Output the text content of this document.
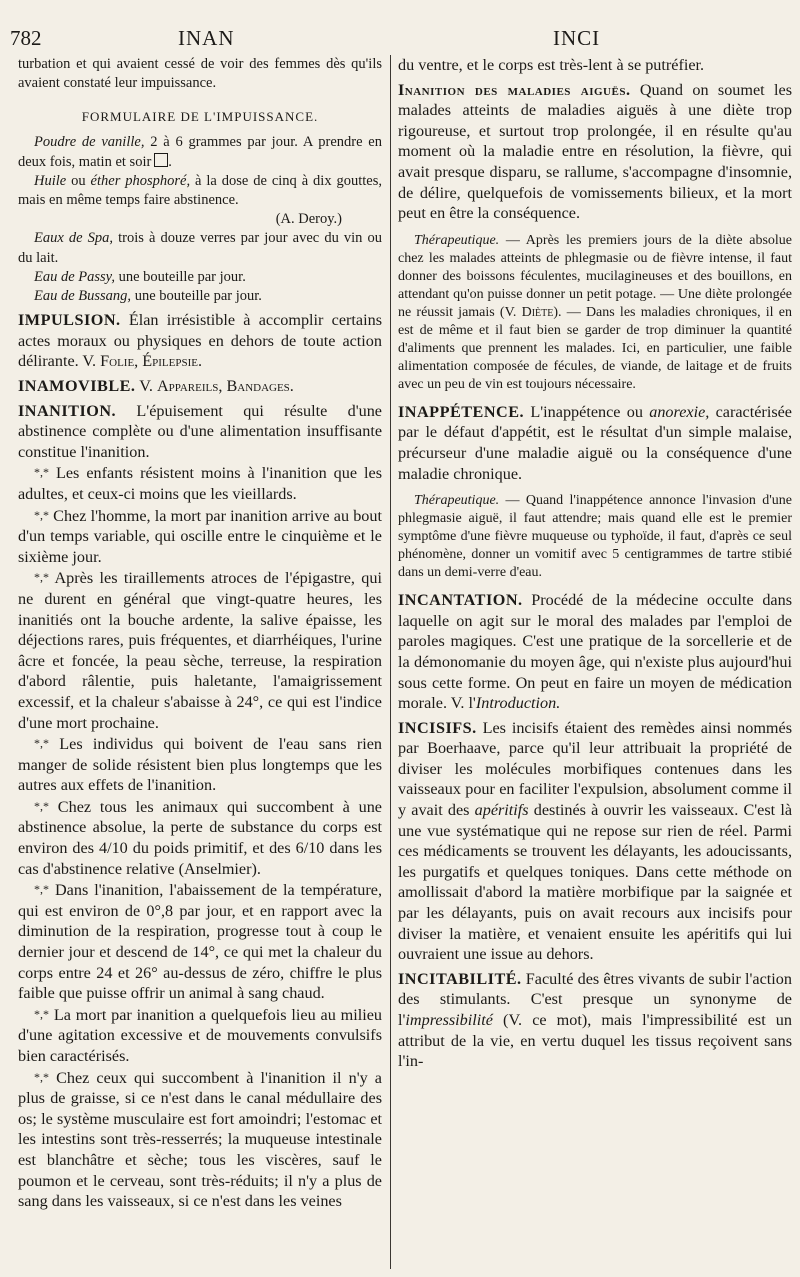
782	INAN	INCI

turbation et qui avaient cessé de voir des femmes dès qu'ils avaient constaté leur impuissance.

FORMULAIRE DE L'IMPUISSANCE.

Poudre de vanille, 2 à 6 grammes par jour. A prendre en deux fois, matin et soir .

Huile ou éther phosphoré, à la dose de cinq à dix gouttes, mais en même temps faire abstinence.

(A. Deroy.)

Eaux de Spa, trois à douze verres par jour avec du vin ou du lait.

Eau de Passy, une bouteille par jour.

Eau de Bussang, une bouteille par jour.

IMPULSION. Élan irrésistible à accomplir certains actes moraux ou physiques en dehors de toute action délirante. V. Folie, Épilepsie.

INAMOVIBLE. V. Appareils, Bandages.

INANITION. L'épuisement qui résulte d'une abstinence complète ou d'une alimentation insuffisante constitue l'inanition.

*,* Les enfants résistent moins à l'inanition que les adultes, et ceux-ci moins que les vieillards.

*,* Chez l'homme, la mort par inanition arrive au bout d'un temps variable, qui oscille entre le cinquième et le sixième jour.

*,* Après les tiraillements atroces de l'épigastre, qui ne durent en général que vingt-quatre heures, les inanitiés ont la bouche ardente, la salive épaisse, les déjections rares, puis fréquentes, et diarrhéiques, l'urine âcre et foncée, la peau sèche, terreuse, la respiration d'abord râlentie, puis haletante, l'amaigrissement excessif, et la chaleur s'abaisse à 24°, ce qui est l'indice d'une mort prochaine.

*,* Les individus qui boivent de l'eau sans rien manger de solide résistent bien plus longtemps que les autres aux effets de l'inanition.

*,* Chez tous les animaux qui succombent à une abstinence absolue, la perte de substance du corps est environ des 4/10 du poids primitif, et des 6/10 dans les cas d'abstinence relative (Anselmier).

*,* Dans l'inanition, l'abaissement de la température, qui est environ de 0°,8 par jour, et en rapport avec la diminution de la respiration, progresse tout à coup le dernier jour et descend de 14°, ce qui met la chaleur du corps entre 24 et 26° au-dessus de zéro, chiffre le plus faible que puisse offrir un animal à sang chaud.

*,* La mort par inanition a quelquefois lieu au milieu d'une agitation excessive et de mouvements convulsifs bien caractérisés.

*,* Chez ceux qui succombent à l'inanition il n'y a plus de graisse, si ce n'est dans le canal médullaire des os; le système musculaire est fort amoindri; l'estomac et les intestins sont très-resserrés; la muqueuse intestinale est blanchâtre et sèche; tous les viscères, sauf le poumon et le cerveau, sont très-réduits; il n'y a plus de sang dans les vaisseaux, si ce n'est dans les veines

du ventre, et le corps est très-lent à se putréfier.

Inanition des maladies aiguës. Quand on soumet les malades atteints de maladies aiguës à une diète trop rigoureuse, et surtout trop prolongée, il en résulte qu'au moment où la maladie entre en résolution, la fièvre, qui avait presque disparu, se rallume, s'accompagne d'insomnie, de délire, quelquefois de vomissements bilieux, et la mort peut en être la conséquence.

Thérapeutique. — Après les premiers jours de la diète absolue chez les malades atteints de phlegmasie ou de fièvre intense, il faut donner des boissons féculentes, mucilagineuses et des bouillons, en attendant qu'on puisse donner un petit potage. — Une diète prolongée ne réussit jamais (V. Diète). — Dans les maladies chroniques, il en est de même et il faut bien se garder de trop diminuer la quantité d'aliments que prennent les malades. Ici, en particulier, une faible alimentation composée de fécules, de viande, de laitage et de fruits avec un peu de vin est toujours nécessaire.

INAPPÉTENCE. L'inappétence ou anorexie, caractérisée par le défaut d'appétit, est le résultat d'un simple malaise, précurseur d'une maladie aiguë ou la conséquence d'une maladie chronique.

Thérapeutique. — Quand l'inappétence annonce l'invasion d'une phlegmasie aiguë, il faut attendre; mais quand elle est le premier symptôme d'une fièvre muqueuse ou typhoïde, il faut, d'après ce seul phénomène, donner un vomitif avec 5 centigrammes de tartre stibié dans un demi-verre d'eau.

INCANTATION. Procédé de la médecine occulte dans laquelle on agit sur le moral des malades par l'emploi de paroles magiques. C'est une pratique de la sorcellerie et de la démonomanie du moyen âge, qui n'existe plus aujourd'hui sous cette forme. On peut en faire un moyen de médication morale. V. l'Introduction.

INCISIFS. Les incisifs étaient des remèdes ainsi nommés par Boerhaave, parce qu'il leur attribuait la propriété de diviser les molécules morbifiques contenues dans les vaisseaux pour en faciliter l'expulsion, absolument comme il y avait des apéritifs destinés à ouvrir les vaisseaux. C'est là une vue systématique qui ne repose sur rien de réel. Parmi ces médicaments se trouvent les délayants, les adoucissants, les purgatifs et quelques toniques. Dans cette méthode on amollissait d'abord la matière morbifique par la saignée et par les délayants, puis on avait recours aux incisifs pour diviser la matière, et venaient ensuite les apéritifs qui lui ouvraient une issue au dehors.

INCITABILITÉ. Faculté des êtres vivants de subir l'action des stimulants. C'est presque un synonyme de l'impressibilité (V. ce mot), mais l'impressibilité est un attribut de la vie, en vertu duquel les tissus reçoivent sans l'in-
